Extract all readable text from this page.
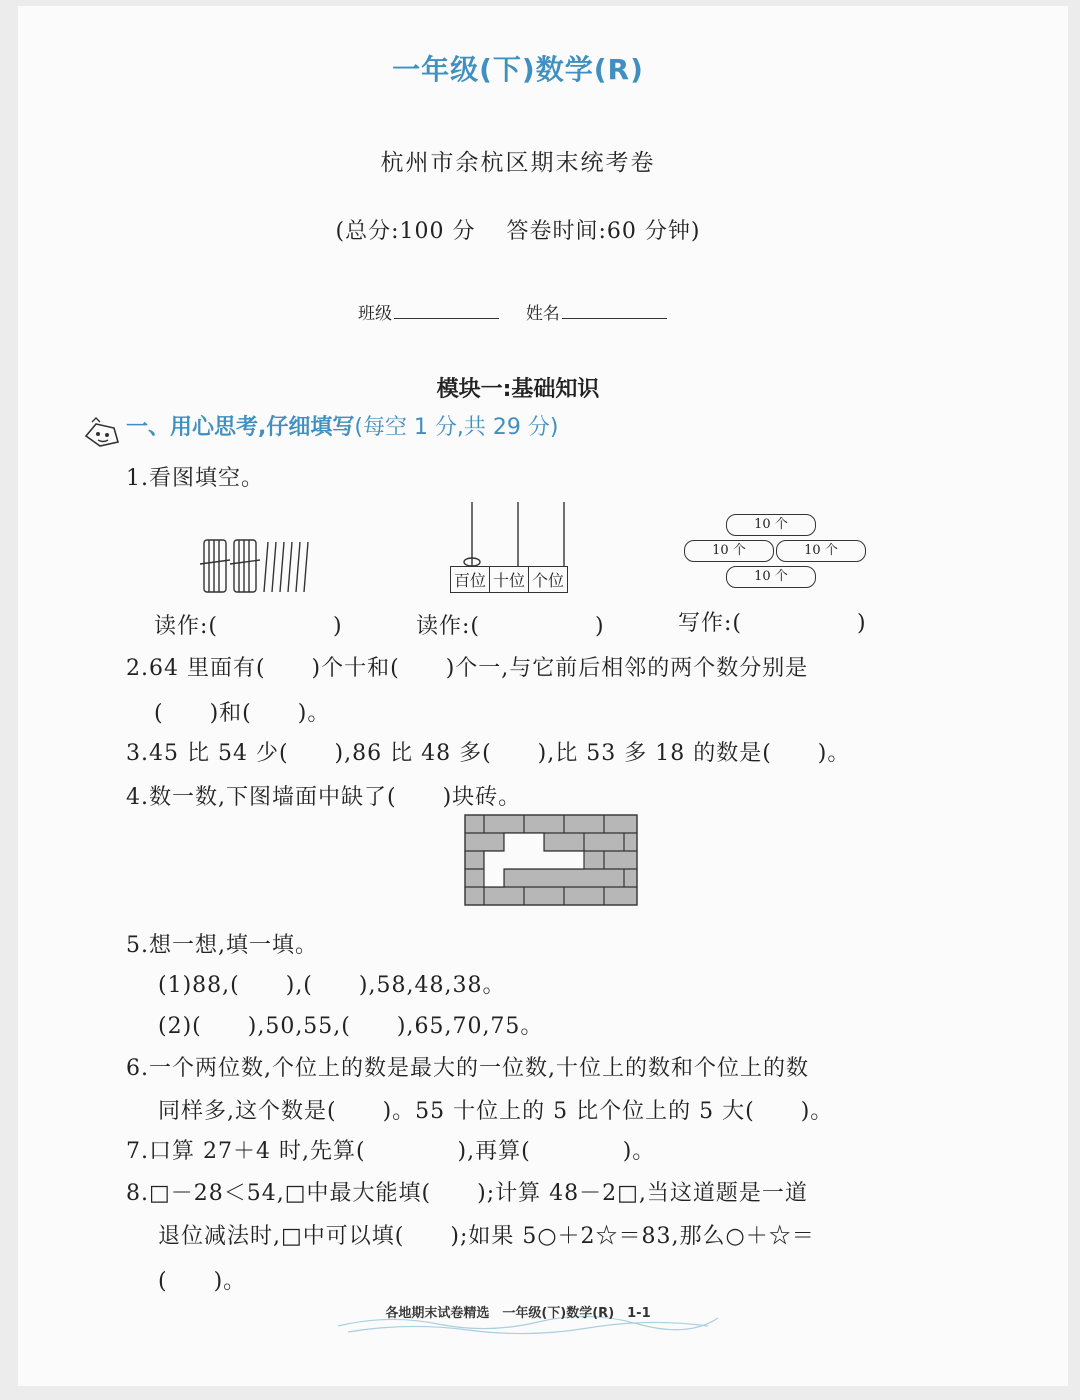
一年级(下)数学(R)
杭州市余杭区期末统考卷
(总分:100 分　 答卷时间:60 分钟)
班级	姓名
模块一:基础知识
一、用心思考,仔细填写(每空 1 分,共 29 分)
1.看图填空。
百位 十位 个位
10 个
10 个	10 个
10 个
读作:(　　　　　)	读作:(　　　　　)	写作:(　　　　　)
2.64 里面有(　　)个十和(　　)个一,与它前后相邻的两个数分别是
(　　)和(　　)。
3.45 比 54 少(　　),86 比 48 多(　　),比 53 多 18 的数是(　　)。
4.数一数,下图墙面中缺了(　　)块砖。
5.想一想,填一填。
(1)88,(　　),(　　),58,48,38。
(2)(　　),50,55,(　　),65,70,75。
6.一个两位数,个位上的数是最大的一位数,十位上的数和个位上的数
同样多,这个数是(　　)。55 十位上的 5 比个位上的 5 大(　　)。
7.口算 27＋4 时,先算(　　　　),再算(　　　　)。
8.□－28＜54,□中最大能填(　　);计算 48－2□,当这道题是一道
退位减法时,□中可以填(　　);如果 5○＋2☆＝83,那么○＋☆＝
(　　)。
各地期末试卷精选　一年级(下)数学(R)　1-1
